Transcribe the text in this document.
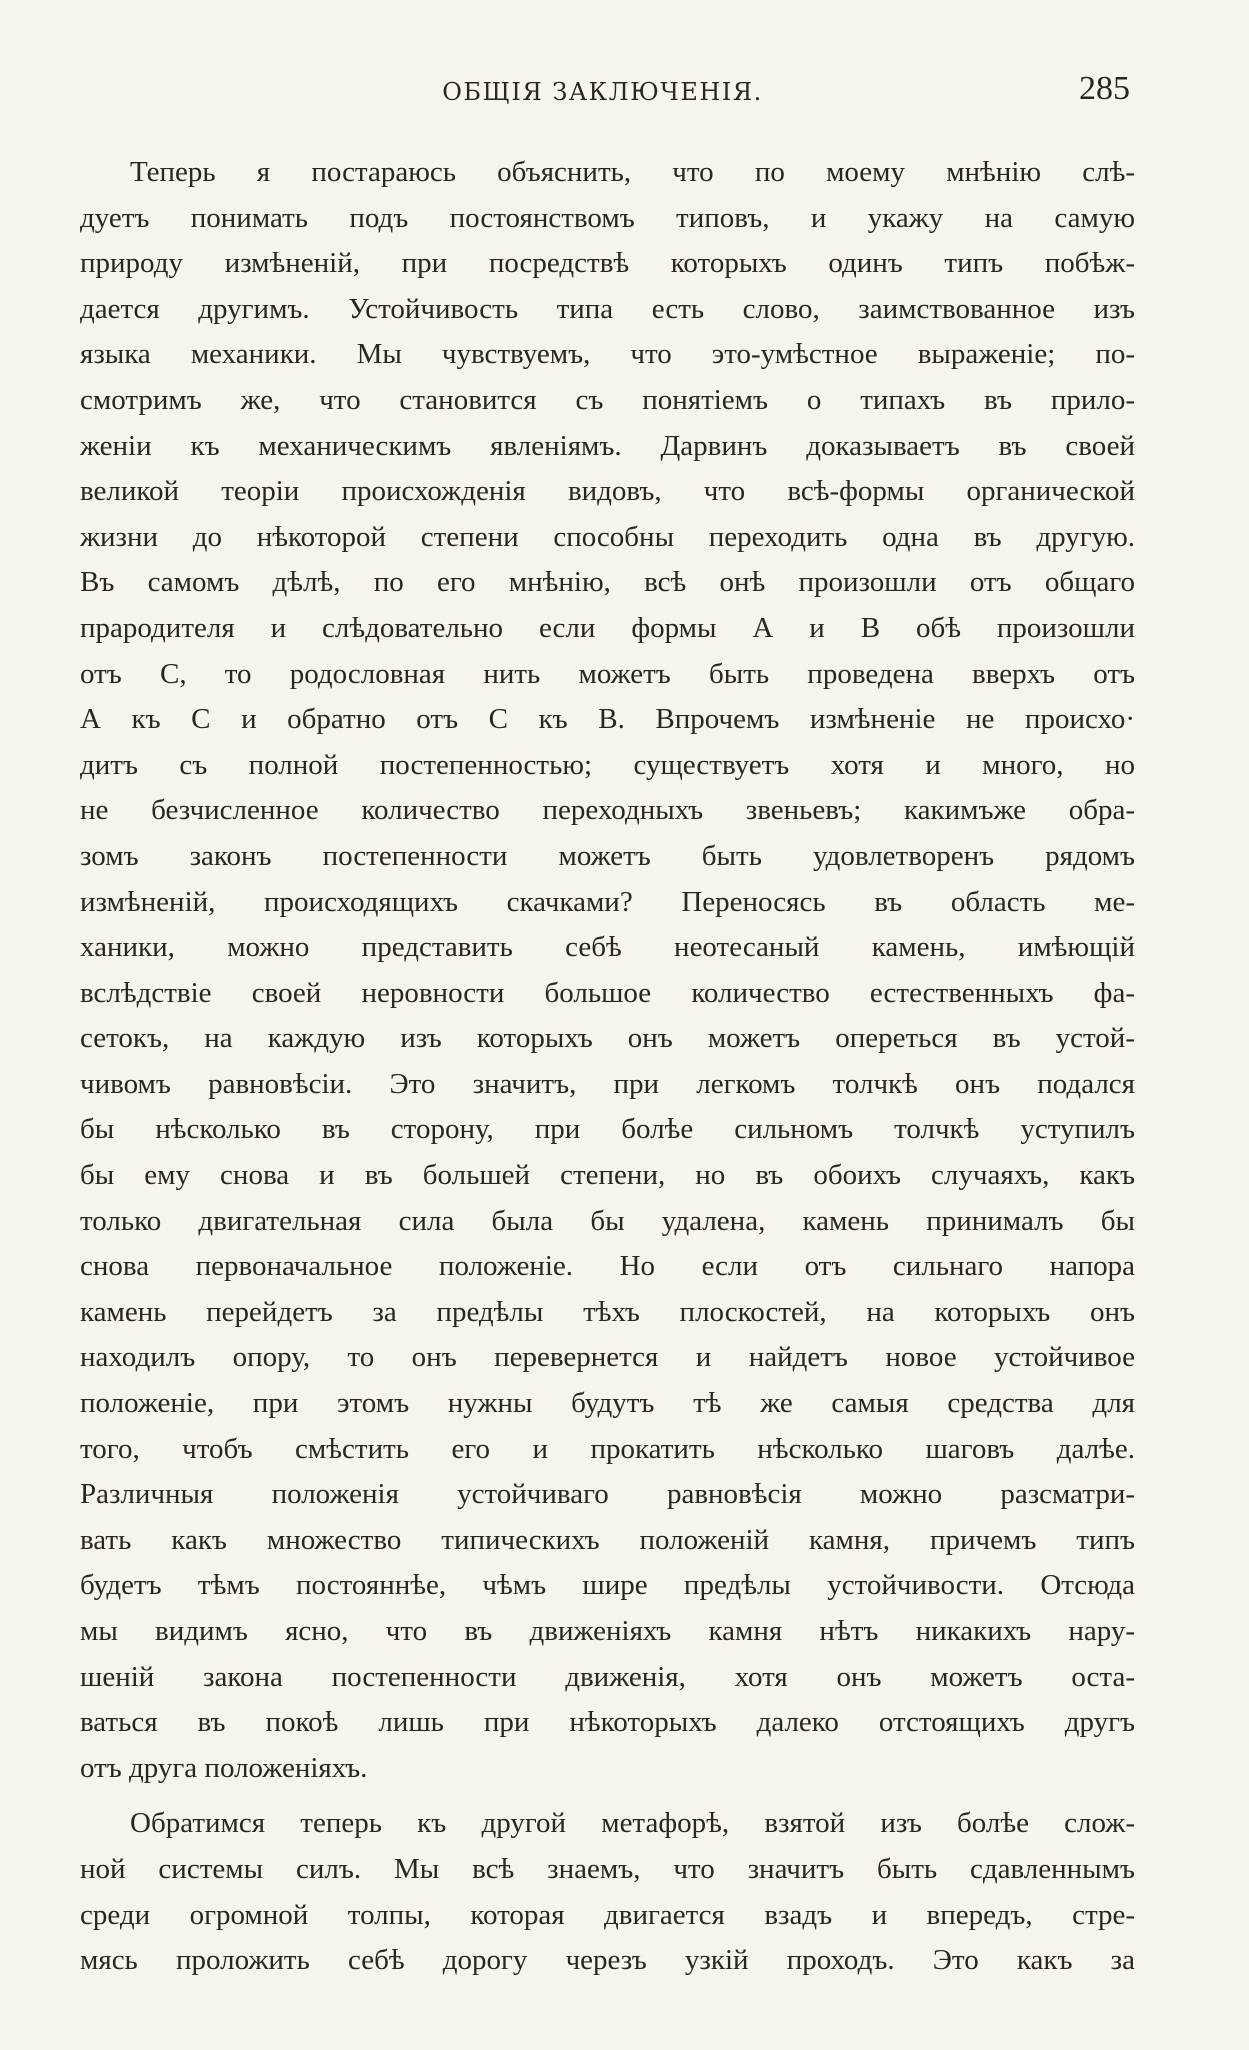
ОБЩІЯ ЗАКЛЮЧЕНІЯ.	285
Теперь я постараюсь объяснить, что по моему мнѣнію слѣ-
дуетъ понимать подъ постоянствомъ типовъ, и укажу на самую
природу измѣненій, при посредствѣ которыхъ одинъ типъ побѣж-
дается другимъ. Устойчивость типа есть слово, заимствованное изъ
языка механики. Мы чувствуемъ, что это-умѣстное выраженіе; по-
смотримъ же, что становится съ понятіемъ о типахъ въ прило-
женіи къ механическимъ явленіямъ. Дарвинъ доказываетъ въ своей
великой теоріи происхожденія видовъ, что всѣ-формы органической
жизни до нѣкоторой степени способны переходить одна въ другую.
Въ самомъ дѣлѣ, по его мнѣнію, всѣ онѣ произошли отъ общаго
прародителя и слѣдовательно если формы А и В обѣ произошли
отъ С, то родословная нить можетъ быть проведена вверхъ отъ
А къ С и обратно отъ С къ В. Впрочемъ измѣненіе не происхо·
дитъ съ полной постепенностью; существуетъ хотя и много, но
не безчисленное количество переходныхъ звеньевъ; какимъже обра-
зомъ законъ постепенности можетъ быть удовлетворенъ рядомъ
измѣненій, происходящихъ скачками? Переносясь въ область ме-
ханики, можно представить себѣ неотесаный камень, имѣющій
вслѣдствіе своей неровности большое количество естественныхъ фа-
сетокъ, на каждую изъ которыхъ онъ можетъ опереться въ устой-
чивомъ равновѣсіи. Это значитъ, при легкомъ толчкѣ онъ подался
бы нѣсколько въ сторону, при болѣе сильномъ толчкѣ уступилъ
бы ему снова и въ большей степени, но въ обоихъ случаяхъ, какъ
только двигательная сила была бы удалена, камень принималъ бы
снова первоначальное положеніе. Но если отъ сильнаго напора
камень перейдетъ за предѣлы тѣхъ плоскостей, на которыхъ онъ
находилъ опору, то онъ перевернется и найдетъ новое устойчивое
положеніе, при этомъ нужны будутъ тѣ же самыя средства для
того, чтобъ смѣстить его и прокатить нѣсколько шаговъ далѣе.
Различныя положенія устойчиваго равновѣсія можно разсматри-
вать какъ множество типическихъ положеній камня, причемъ типъ
будетъ тѣмъ постояннѣе, чѣмъ шире предѣлы устойчивости. Отсюда
мы видимъ ясно, что въ движеніяхъ камня нѣтъ никакихъ нару-
шеній закона постепенности движенія, хотя онъ можетъ оста-
ваться въ покоѣ лишь при нѣкоторыхъ далеко отстоящихъ другъ
отъ друга положеніяхъ.
Обратимся теперь къ другой метафорѣ, взятой изъ болѣе слож-
ной системы силъ. Мы всѣ знаемъ, что значитъ быть сдавленнымъ
среди огромной толпы, которая двигается взадъ и впередъ, стре-
мясь проложить себѣ дорогу черезъ узкій проходъ. Это какъ за
